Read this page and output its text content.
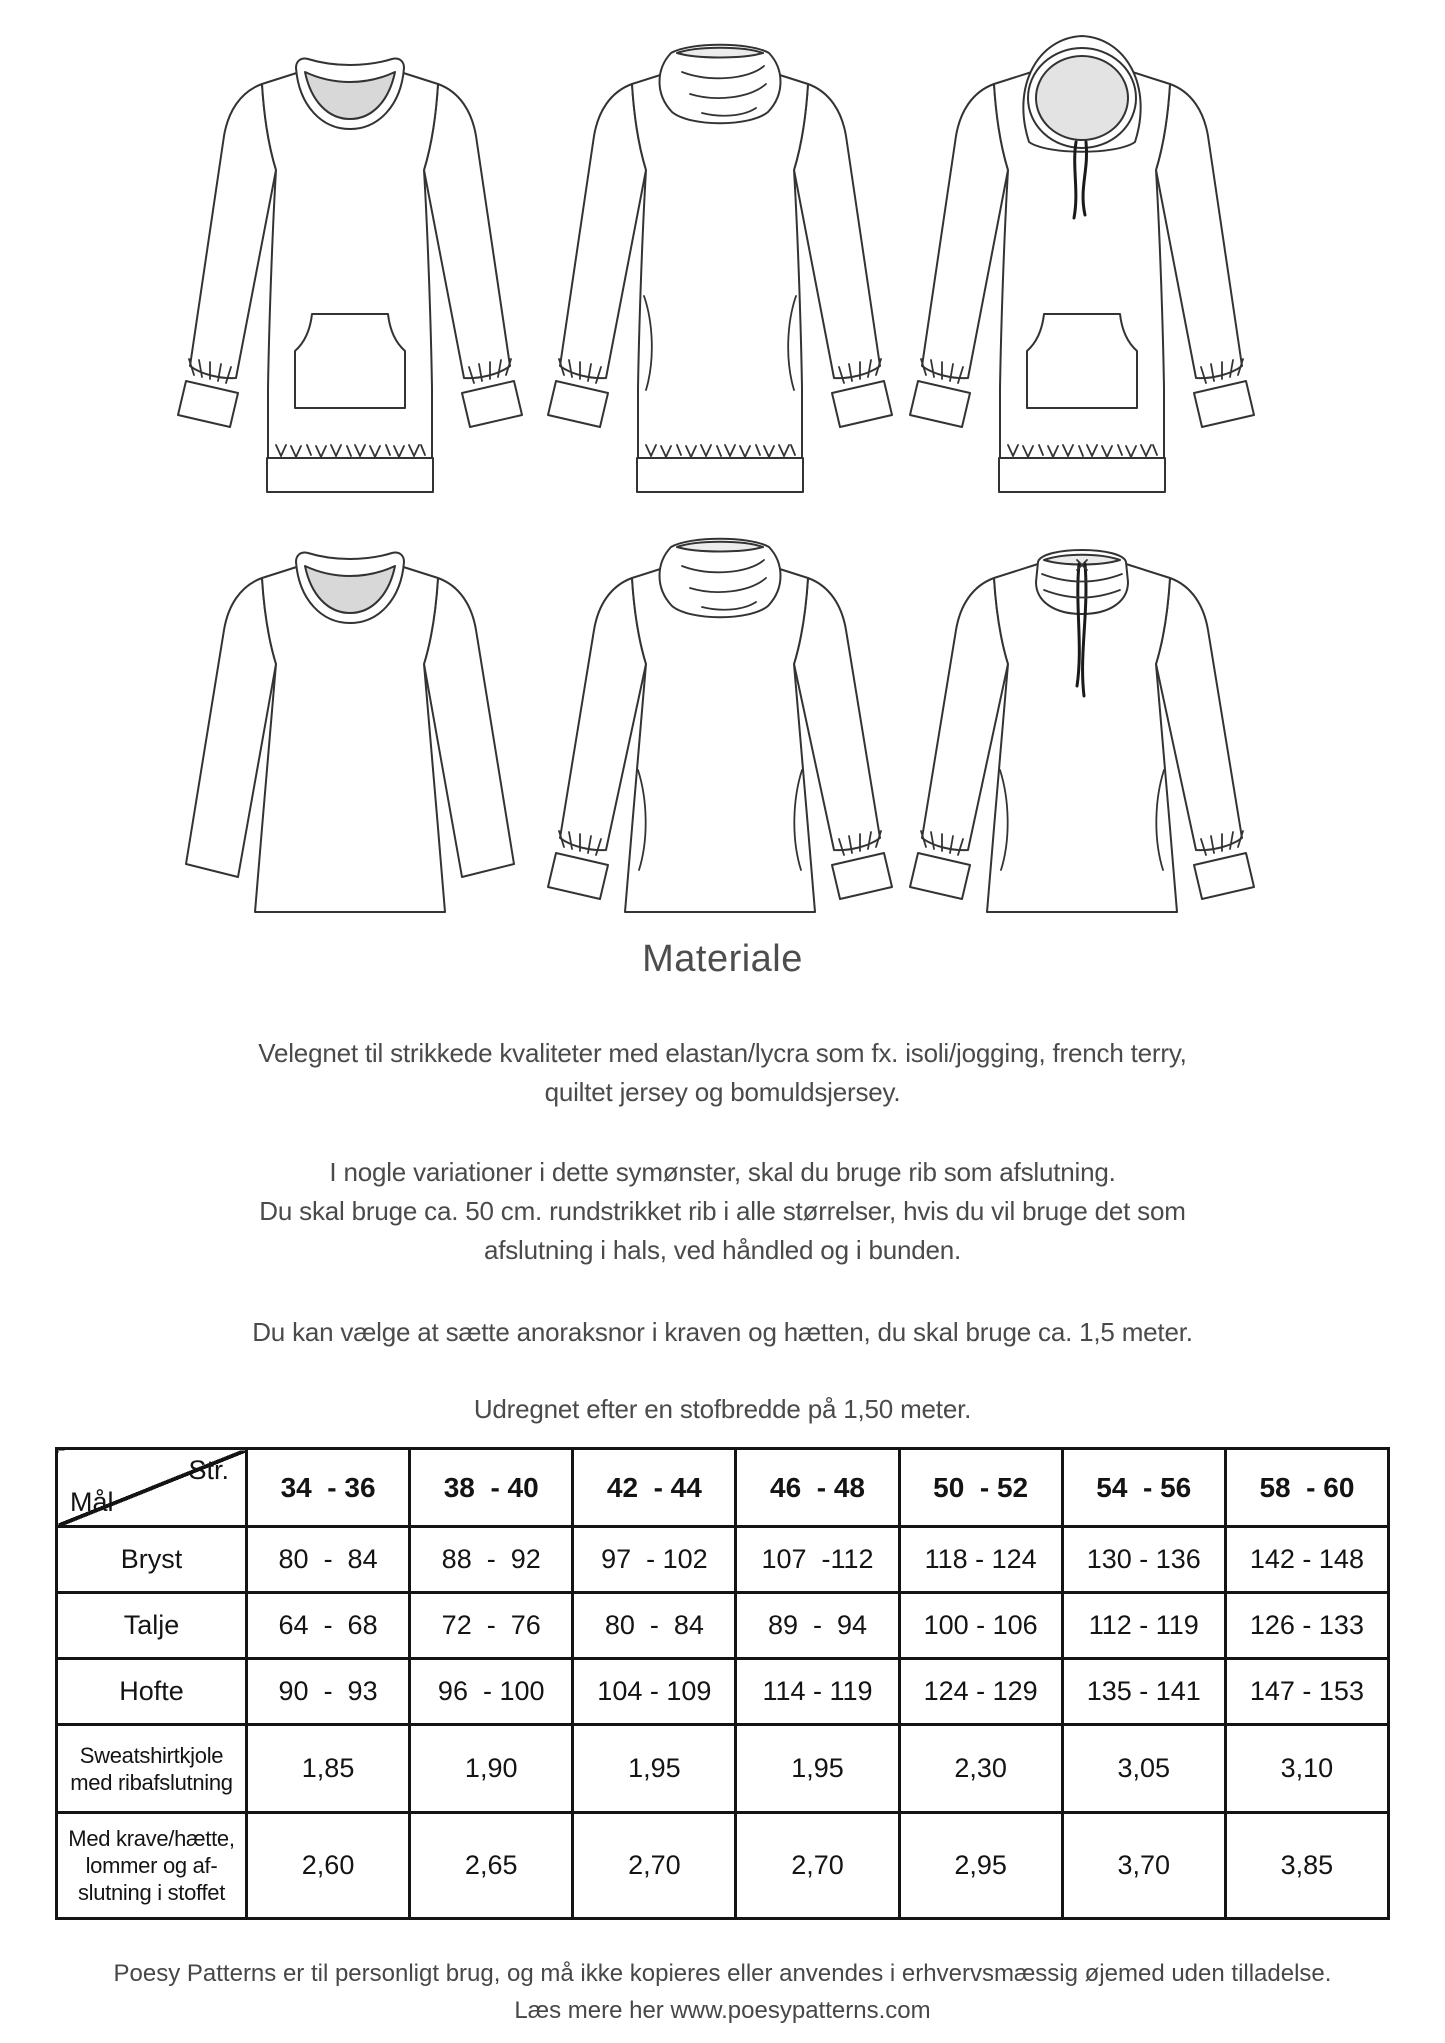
Materiale
Velegnet til strikkede kvaliteter med elastan/lycra som fx. isoli/jogging, french terry,
quiltet jersey og bomuldsjersey.
I nogle variationer i dette symønster, skal du bruge rib som afslutning.
Du skal bruge ca. 50 cm. rundstrikket rib i alle størrelser, hvis du vil bruge det som
afslutning i hals, ved håndled og i bunden.
Du kan vælge at sætte anoraksnor i kraven og hætten, du skal bruge ca. 1,5 meter.
Udregnet efter en stofbredde på 1,50 meter.

Str.

Mål	34  - 36	38  - 40	42  - 44	46  - 48	50  - 52	54  - 56	58  - 60
Bryst	80  -  84	88  -  92	97  - 102	107  -112	118 - 124	130 - 136	142 - 148
Talje	64  -  68	72  -  76	80  -  84	89  -  94	100 - 106	112 - 119	126 - 133
Hofte	90  -  93	96  - 100	104 - 109	114 - 119	124 - 129	135 - 141	147 - 153

Sweatshirtkjole
med ribafslutning	1,85	1,90	1,95	1,95	2,30	3,05	3,10

Med krave/hætte,
lommer og af-
slutning i stoffet	2,60	2,65	2,70	2,70	2,95	3,70	3,85
Poesy Patterns er til personligt brug, og må ikke kopieres eller anvendes i erhvervsmæssig øjemed uden tilladelse.
Læs mere her www.poesypatterns.com
